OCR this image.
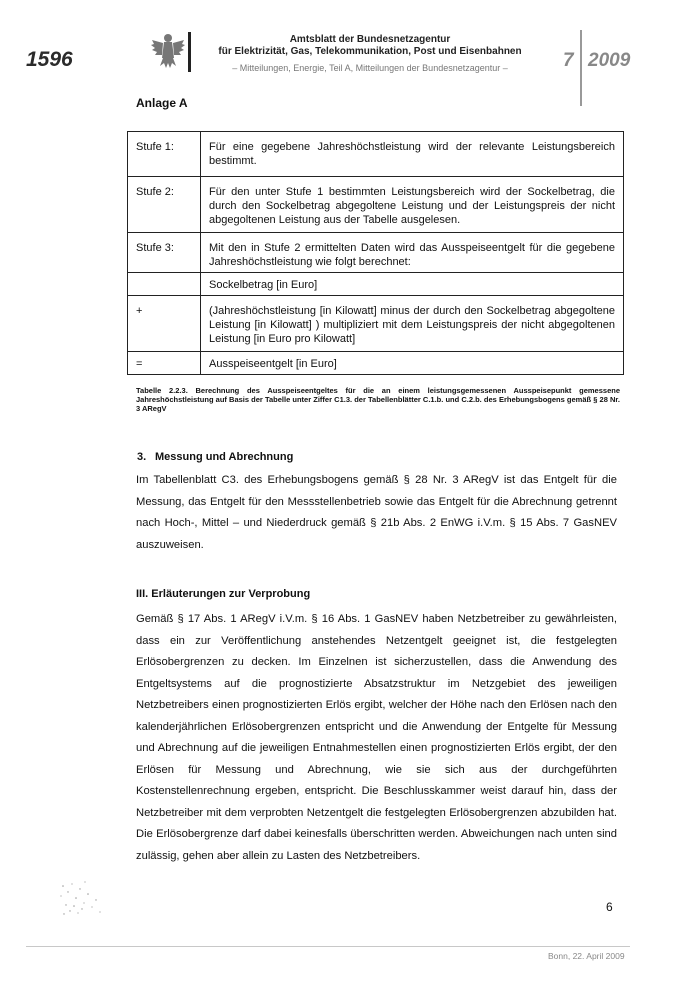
1596
Amtsblatt der Bundesnetzagentur
für Elektrizität, Gas, Telekommunikation, Post und Eisenbahnen
– Mitteilungen, Energie, Teil A, Mitteilungen der Bundesnetzagentur –	7 2009
Anlage A
Stufe 1:	Für eine gegebene Jahreshöchstleistung wird der relevante Leistungsbereich bestimmt.
Stufe 2:	Für den unter Stufe 1 bestimmten Leistungsbereich wird der Sockelbetrag, die durch den Sockelbetrag abgegoltene Leistung und der Leistungspreis der nicht abgegoltenen Leistung aus der Tabelle ausgelesen.
Stufe 3:	Mit den in Stufe 2 ermittelten Daten wird das Ausspeiseentgelt für die gegebene Jahreshöchstleistung wie folgt berechnet:
	Sockelbetrag [in Euro]
+	(Jahreshöchstleistung [in Kilowatt] minus der durch den Sockelbetrag abgegoltene Leistung [in Kilowatt] ) multipliziert mit dem Leistungspreis der nicht abgegoltenen Leistung [in Euro pro Kilowatt]
=	Ausspeiseentgelt [in Euro]
Tabelle 2.2.3. Berechnung des Ausspeiseentgeltes für die an einem leistungsgemessenen Ausspeisepunkt gemessene Jahreshöchstleistung auf Basis der Tabelle unter Ziffer C1.3. der Tabellenblätter C.1.b. und C.2.b. des Erhebungsbogens gemäß § 28 Nr. 3 ARegV
3. Messung und Abrechnung
Im Tabellenblatt C3. des Erhebungsbogens gemäß § 28 Nr. 3 ARegV ist das Entgelt für die Messung, das Entgelt für den Messstellenbetrieb sowie das Entgelt für die Abrechnung getrennt nach Hoch-, Mittel – und Niederdruck gemäß § 21b Abs. 2 EnWG i.V.m. § 15 Abs. 7 GasNEV auszuweisen.
III. Erläuterungen zur Verprobung
Gemäß § 17 Abs. 1 ARegV i.V.m. § 16 Abs. 1 GasNEV haben Netzbetreiber zu gewährleisten, dass ein zur Veröffentlichung anstehendes Netzentgelt geeignet ist, die festgelegten Erlösobergrenzen zu decken. Im Einzelnen ist sicherzustellen, dass die Anwendung des Entgeltsystems auf die prognostizierte Absatzstruktur im Netzgebiet des jeweiligen Netzbetreibers einen prognostizierten Erlös ergibt, welcher der Höhe nach den Erlösen nach den kalenderjährlichen Erlösobergrenzen entspricht und die Anwendung der Entgelte für Messung und Abrechnung auf die jeweiligen Entnahmestellen einen prognostizierten Erlös ergibt, der den Erlösen für Messung und Abrechnung, wie sie sich aus der durchgeführten Kostenstellenrechnung ergeben, entspricht. Die Beschlusskammer weist darauf hin, dass der Netzbetreiber mit dem verprobten Netzentgelt die festgelegten Erlösobergrenzen abzubilden hat. Die Erlösobergrenze darf dabei keinesfalls überschritten werden. Abweichungen nach unten sind zulässig, gehen aber allein zu Lasten des Netzbetreibers.
6
Bonn, 22. April 2009
